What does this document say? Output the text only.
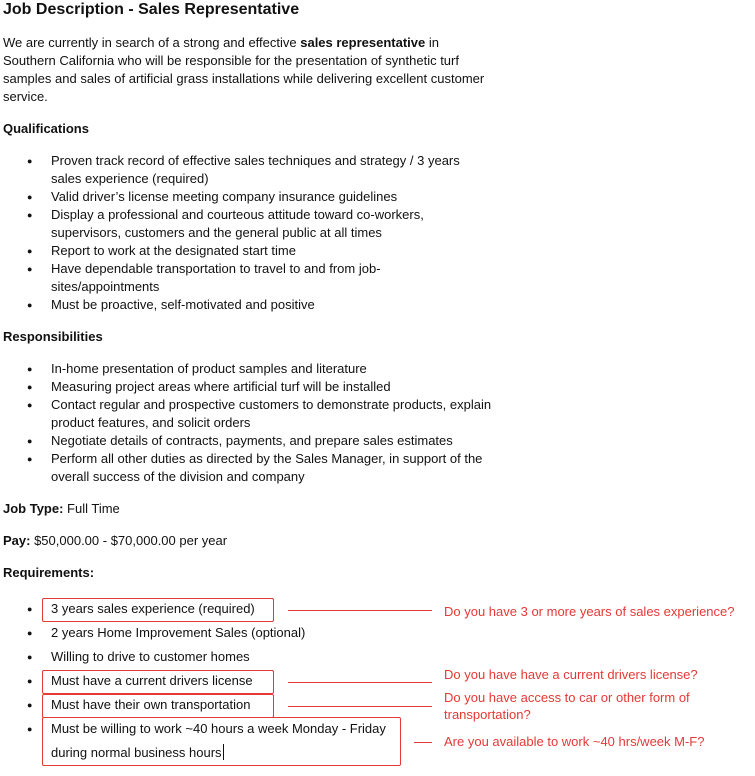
Job Description - Sales Representative

We are currently in search of a strong and effective sales representative in Southern California who will be responsible for the presentation of synthetic turf samples and sales of artificial grass installations while delivering excellent customer service.

Qualifications
● Proven track record of effective sales techniques and strategy / 3 years sales experience (required)
● Valid driver’s license meeting company insurance guidelines
● Display a professional and courteous attitude toward co-workers, supervisors, customers and the general public at all times
● Report to work at the designated start time
● Have dependable transportation to travel to and from job-sites/appointments
● Must be proactive, self-motivated and positive
Responsibilities
● In-home presentation of product samples and literature
● Measuring project areas where artificial turf will be installed
● Contact regular and prospective customers to demonstrate products, explain product features, and solicit orders
● Negotiate details of contracts, payments, and prepare sales estimates
● Perform all other duties as directed by the Sales Manager, in support of the overall success of the division and company

Job Type: Full Time

Pay: $50,000.00 - $70,000.00 per year

Requirements:
● 3 years sales experience (required)
● 2 years Home Improvement Sales (optional)
● Willing to drive to customer homes
● Must have a current drivers license
● Must have their own transportation
● Must be willing to work ~40 hours a week Monday - Friday
during normal business hours
Do you have 3 or more years of sales experience?
Do you have have a current drivers license?
Do you have access to car or other form of
transportation?
Are you available to work ~40 hrs/week M-F?
